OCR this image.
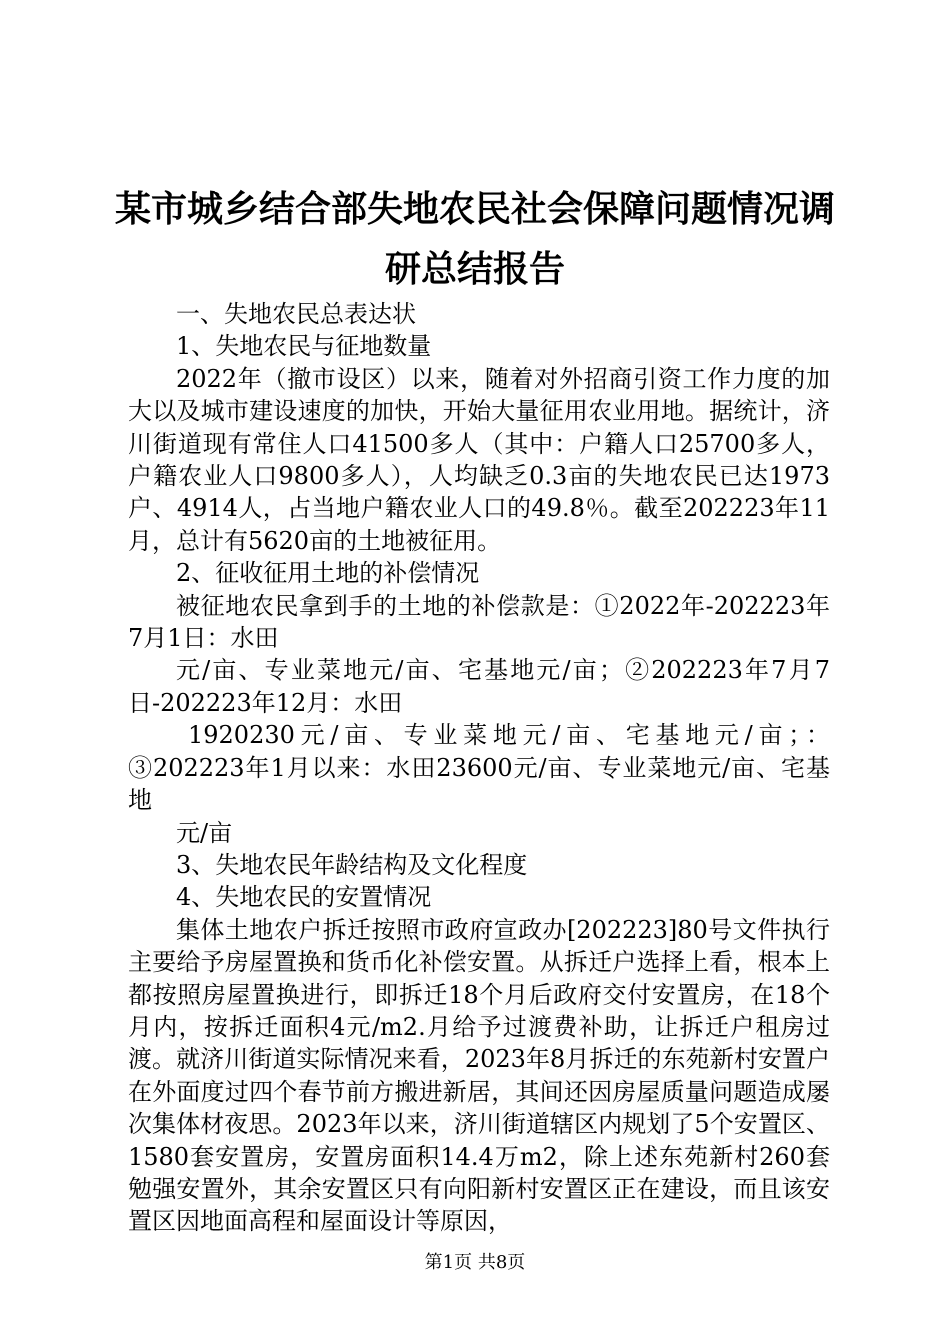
某市城乡结合部失地农民社会保障问题情况调
研总结报告

一、失地农民总表达状

1、失地农民与征地数量

2022年（撤市设区）以来，随着对外招商引资工作力度的加大以及城市建设速度的加快，开始大量征用农业用地。据统计，济川街道现有常住人口41500多人（其中：户籍人口25700多人，户籍农业人口9800多人），人均缺乏0.3亩的失地农民已达1973户、4914人，占当地户籍农业人口的49.8％。截至202223年11月，总计有5620亩的土地被征用。

2、征收征用土地的补偿情况

被征地农民拿到手的土地的补偿款是：①2022年-202223年7月1日：水田

元/亩、专业菜地元/亩、宅基地元/亩；②202223年7月7日-202223年12月：水田

1920230元/亩、专业菜地元/亩、宅基地元/亩；：③202223年1月以来：水田23600元/亩、专业菜地元/亩、宅基地

元/亩

3、失地农民年龄结构及文化程度

4、失地农民的安置情况

集体土地农户拆迁按照市政府宣政办[202223]80号文件执行主要给予房屋置换和货币化补偿安置。从拆迁户选择上看，根本上都按照房屋置换进行，即拆迁18个月后政府交付安置房，在18个月内，按拆迁面积4元/m2.月给予过渡费补助，让拆迁户租房过渡。就济川街道实际情况来看，2023年8月拆迁的东苑新村安置户在外面度过四个春节前方搬进新居，其间还因房屋质量问题造成屡次集体材夜思。2023年以来，济川街道辖区内规划了5个安置区、1580套安置房，安置房面积14.4万m2，除上述东苑新村260套勉强安置外，其余安置区只有向阳新村安置区正在建设，而且该安置区因地面高程和屋面设计等原因，

第1页 共8页
